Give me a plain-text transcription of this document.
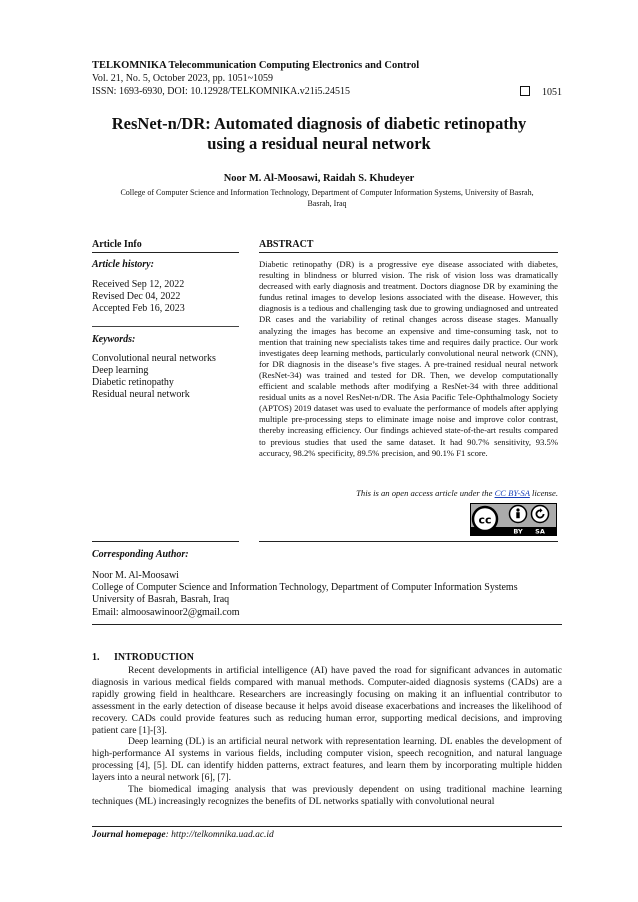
TELKOMNIKA Telecommunication Computing Electronics and Control
Vol. 21, No. 5, October 2023, pp. 1051~1059
ISSN: 1693-6930, DOI: 10.12928/TELKOMNIKA.v21i5.24515	1051
ResNet-n/DR: Automated diagnosis of diabetic retinopathy
using a residual neural network
Noor M. Al-Moosawi, Raidah S. Khudeyer
College of Computer Science and Information Technology, Department of Computer Information Systems, University of Basrah,
Basrah, Iraq
Article Info
Article history:
Received Sep 12, 2022
Revised Dec 04, 2022
Accepted Feb 16, 2023
Keywords:
Convolutional neural networks
Deep learning
Diabetic retinopathy
Residual neural network
ABSTRACT
Diabetic retinopathy (DR) is a progressive eye disease associated with diabetes, resulting in blindness or blurred vision. The risk of vision loss was dramatically decreased with early diagnosis and treatment. Doctors diagnose DR by examining the fundus retinal images to develop lesions associated with the disease. However, this diagnosis is a tedious and challenging task due to growing undiagnosed and untreated DR cases and the variability of retinal changes across disease stages. Manually analyzing the images has become an expensive and time-consuming task, not to mention that training new specialists takes time and requires daily practice. Our work investigates deep learning methods, particularly convolutional neural network (CNN), for DR diagnosis in the disease’s five stages. A pre-trained residual neural network (ResNet-34) was trained and tested for DR. Then, we develop computationally efficient and scalable methods after modifying a ResNet-34 with three additional residual units as a novel ResNet-n/DR. The Asia Pacific Tele-Ophthalmology Society (APTOS) 2019 dataset was used to evaluate the performance of models after applying multiple pre-processing steps to eliminate image noise and improve color contrast, thereby increasing efficiency. Our findings achieved state-of-the-art results compared to previous studies that used the same dataset. It had 90.7% sensitivity, 93.5% accuracy, 98.2% specificity, 89.5% precision, and 90.1% F1 score.
This is an open access article under the CC BY-SA license.
cc
BY SA
Corresponding Author:
Noor M. Al-Moosawi
College of Computer Science and Information Technology, Department of Computer Information Systems
University of Basrah, Basrah, Iraq
Email: almoosawinoor2@gmail.com
1. INTRODUCTION

Recent developments in artificial intelligence (AI) have paved the road for significant advances in automatic diagnosis in various medical fields compared with manual methods. Computer-aided diagnosis systems (CADs) are a rapidly growing field in healthcare. Researchers are increasingly focusing on making it an influential contributor to assessment in the early detection of disease because it helps avoid disease exacerbations and increases the likelihood of recovery. CADs could provide features such as reducing human error, supporting medical decisions, and improving patient care [1]-[3].

Deep learning (DL) is an artificial neural network with representation learning. DL enables the development of high-performance AI systems in various fields, including computer vision, speech recognition, and natural language processing [4], [5]. DL can identify hidden patterns, extract features, and learn them by incorporating multiple hidden layers into a neural network [6], [7].

The biomedical imaging analysis that was previously dependent on using traditional machine learning techniques (ML) increasingly recognizes the benefits of DL networks spatially with convolutional neural

Journal homepage: http://telkomnika.uad.ac.id
